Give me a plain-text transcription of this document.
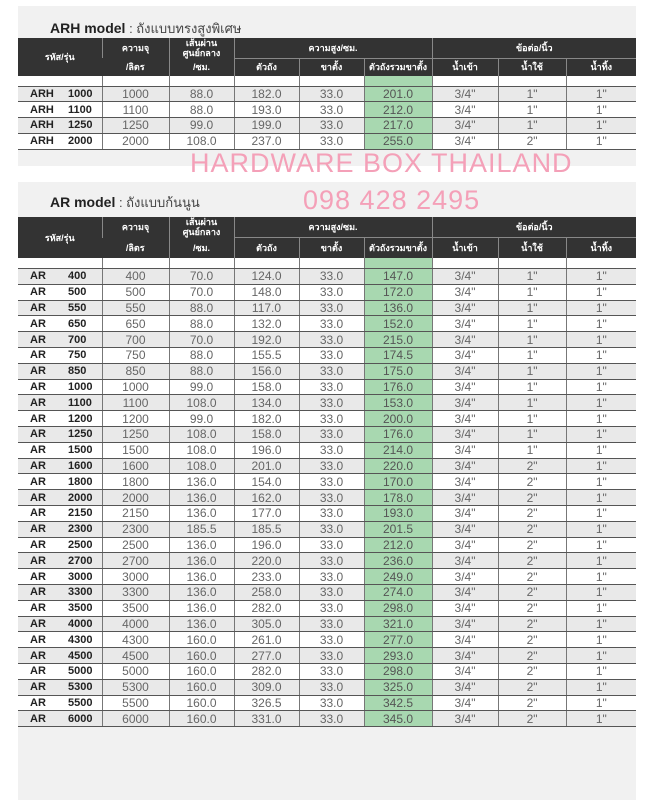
ARH model : ถังแบบทรงสูงพิเศษ
รหัส/รุ่น	ความจุ	เส้นผ่านศูนย์กลาง	ความสูง/ซม.			ข้อต่อ/นิ้ว		
	/ลิตร	/ซม.	ตัวถัง	ขาตั้ง	ตัวถังรวมขาตั้ง	น้ำเข้า	น้ำใช้	น้ำทิ้ง

ARH 1000	1000	88.0	182.0	33.0	201.0	3/4"	1"	1"
ARH 1100	1100	88.0	193.0	33.0	212.0	3/4"	1"	1"
ARH 1250	1250	99.0	199.0	33.0	217.0	3/4"	1"	1"
ARH 2000	2000	108.0	237.0	33.0	255.0	3/4"	2"	1"
AR model : ถังแบบก้นนูน
รหัส/รุ่น	ความจุ	เส้นผ่านศูนย์กลาง	ความสูง/ซม.			ข้อต่อ/นิ้ว		
	/ลิตร	/ซม.	ตัวถัง	ขาตั้ง	ตัวถังรวมขาตั้ง	น้ำเข้า	น้ำใช้	น้ำทิ้ง

AR 400	400	70.0	124.0	33.0	147.0	3/4"	1"	1"
AR 500	500	70.0	148.0	33.0	172.0	3/4"	1"	1"
AR 550	550	88.0	117.0	33.0	136.0	3/4"	1"	1"
AR 650	650	88.0	132.0	33.0	152.0	3/4"	1"	1"
AR 700	700	70.0	192.0	33.0	215.0	3/4"	1"	1"
AR 750	750	88.0	155.5	33.0	174.5	3/4"	1"	1"
AR 850	850	88.0	156.0	33.0	175.0	3/4"	1"	1"
AR 1000	1000	99.0	158.0	33.0	176.0	3/4"	1"	1"
AR 1100	1100	108.0	134.0	33.0	153.0	3/4"	1"	1"
AR 1200	1200	99.0	182.0	33.0	200.0	3/4"	1"	1"
AR 1250	1250	108.0	158.0	33.0	176.0	3/4"	1"	1"
AR 1500	1500	108.0	196.0	33.0	214.0	3/4"	1"	1"
AR 1600	1600	108.0	201.0	33.0	220.0	3/4"	2"	1"
AR 1800	1800	136.0	154.0	33.0	170.0	3/4"	2"	1"
AR 2000	2000	136.0	162.0	33.0	178.0	3/4"	2"	1"
AR 2150	2150	136.0	177.0	33.0	193.0	3/4"	2"	1"
AR 2300	2300	185.5	185.5	33.0	201.5	3/4"	2"	1"
AR 2500	2500	136.0	196.0	33.0	212.0	3/4"	2"	1"
AR 2700	2700	136.0	220.0	33.0	236.0	3/4"	2"	1"
AR 3000	3000	136.0	233.0	33.0	249.0	3/4"	2"	1"
AR 3300	3300	136.0	258.0	33.0	274.0	3/4"	2"	1"
AR 3500	3500	136.0	282.0	33.0	298.0	3/4"	2"	1"
AR 4000	4000	136.0	305.0	33.0	321.0	3/4"	2"	1"
AR 4300	4300	160.0	261.0	33.0	277.0	3/4"	2"	1"
AR 4500	4500	160.0	277.0	33.0	293.0	3/4"	2"	1"
AR 5000	5000	160.0	282.0	33.0	298.0	3/4"	2"	1"
AR 5300	5300	160.0	309.0	33.0	325.0	3/4"	2"	1"
AR 5500	5500	160.0	326.5	33.0	342.5	3/4"	2"	1"
AR 6000	6000	160.0	331.0	33.0	345.0	3/4"	2"	1"
HARDWARE BOX THAILAND
098 428 2495
